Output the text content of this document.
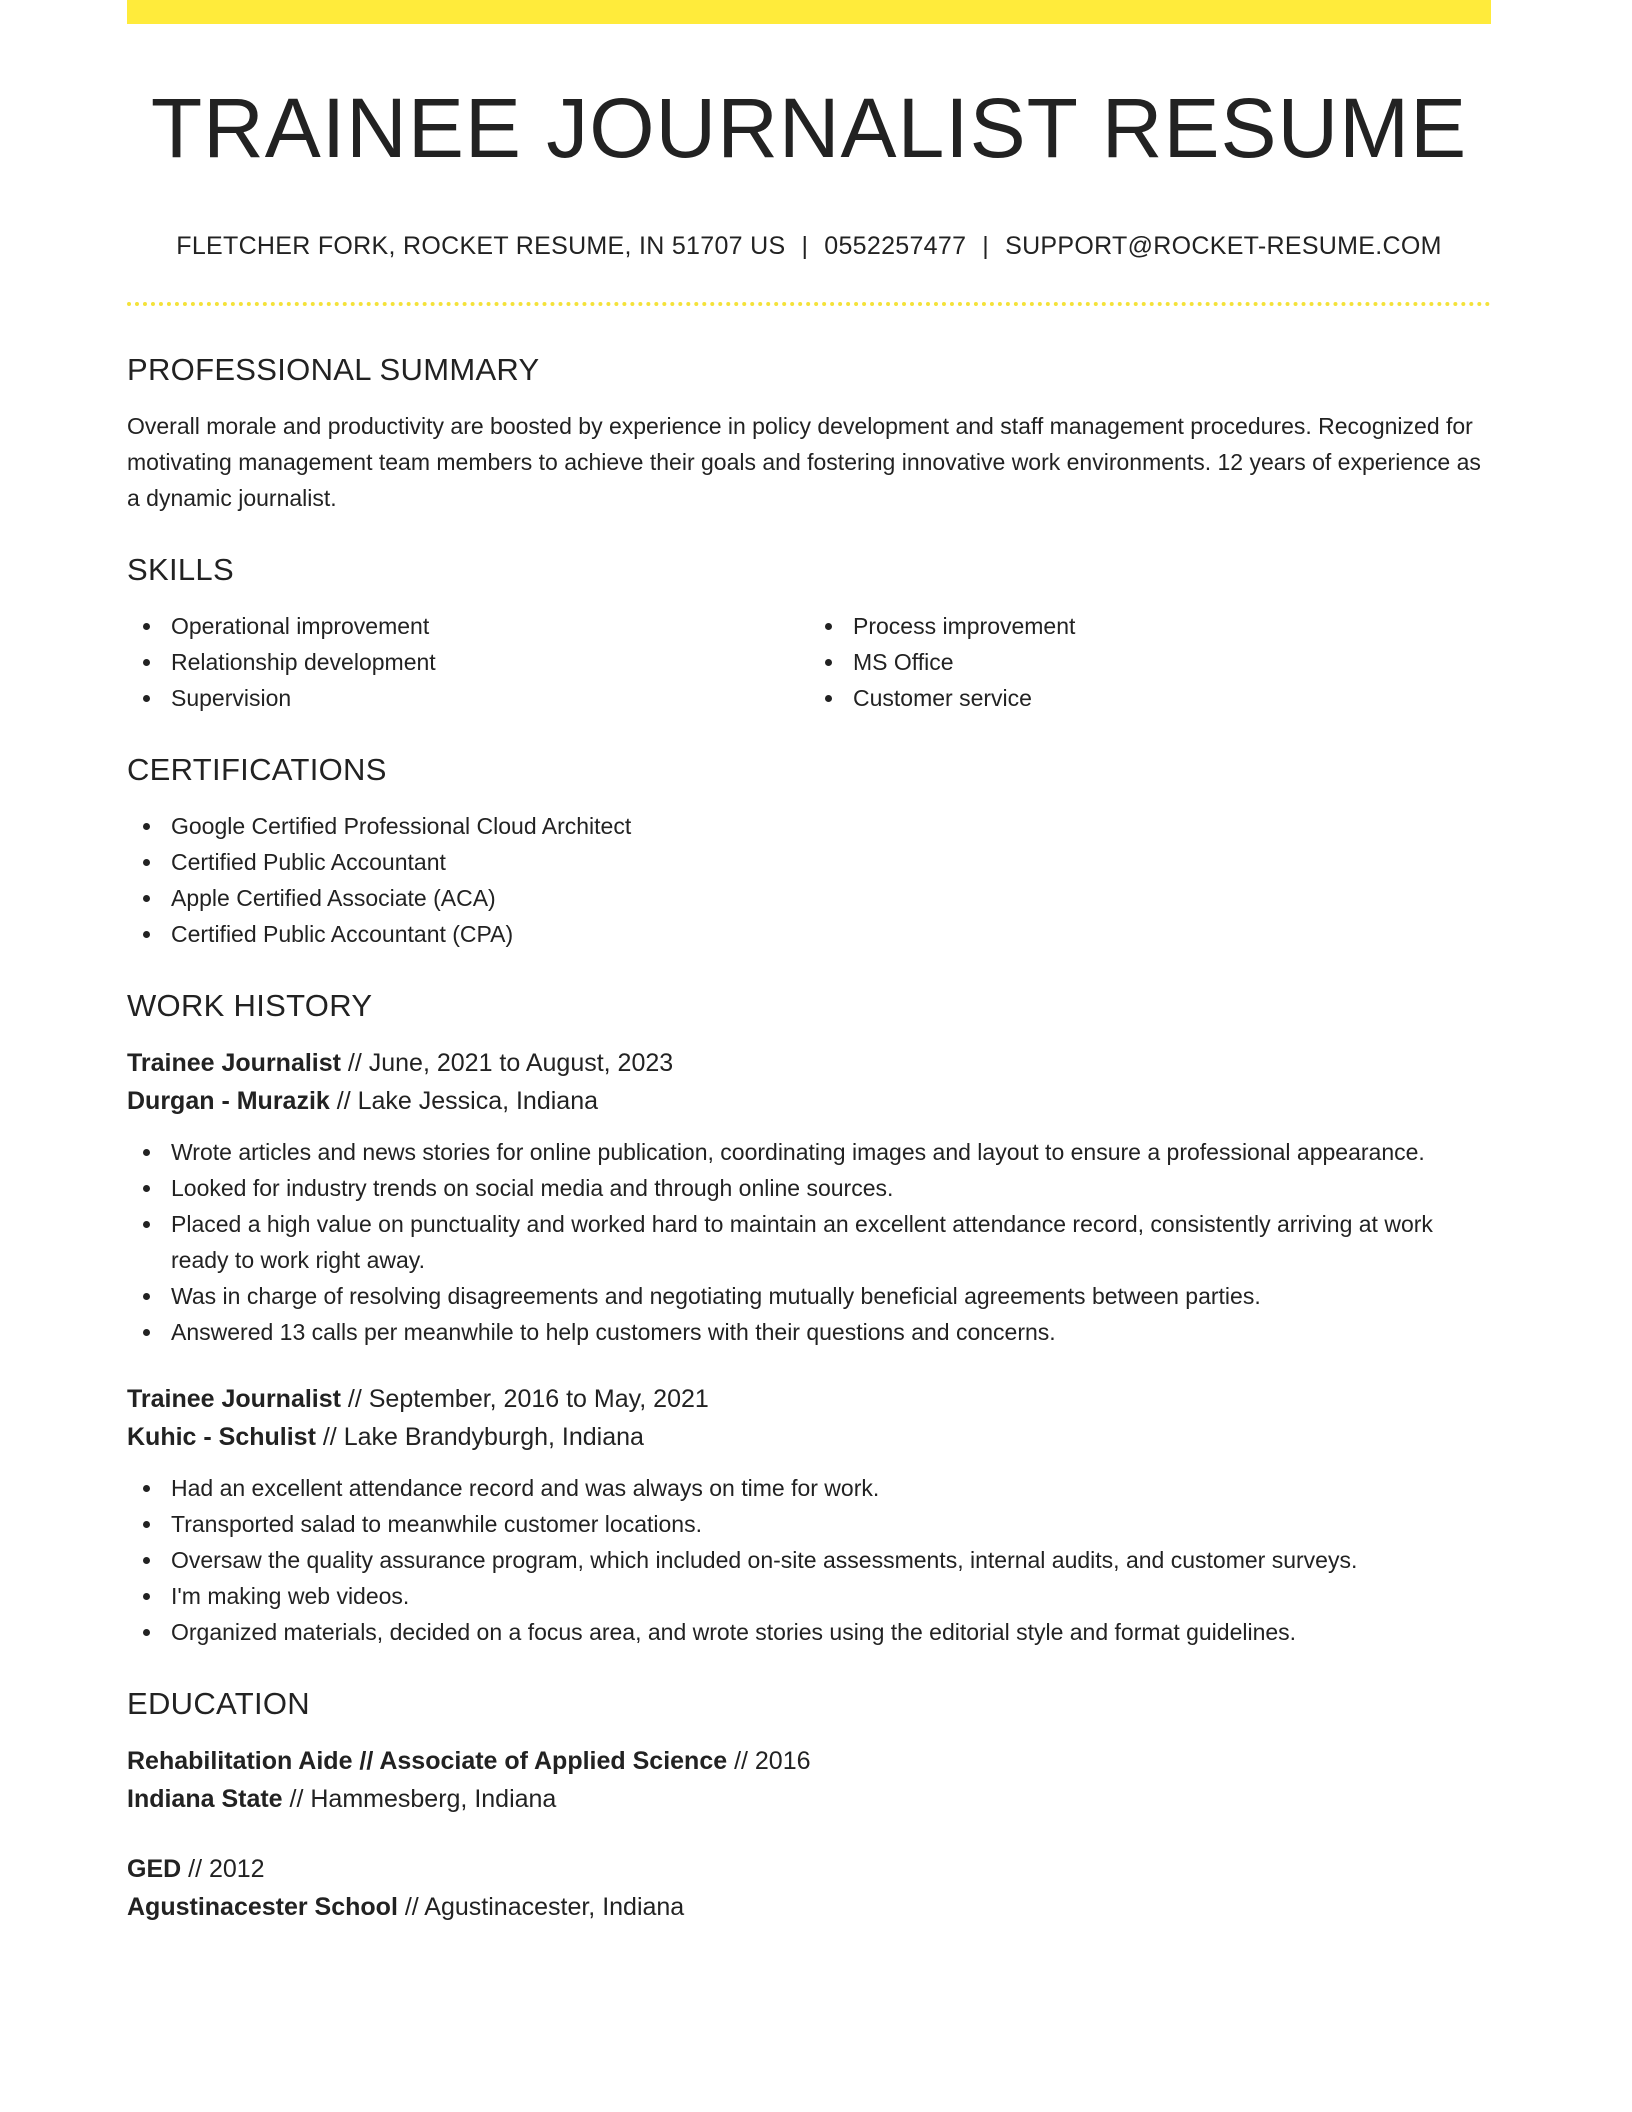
TRAINEE JOURNALIST RESUME
FLETCHER FORK, ROCKET RESUME, IN 51707 US | 0552257477 | SUPPORT@ROCKET-RESUME.COM
PROFESSIONAL SUMMARY

Overall morale and productivity are boosted by experience in policy development and staff management procedures. Recognized for motivating management team members to achieve their goals and fostering innovative work environments. 12 years of experience as a dynamic journalist.

SKILLS
Operational improvement
Relationship development
Supervision
Process improvement
MS Office
Customer service
CERTIFICATIONS
Google Certified Professional Cloud Architect
Certified Public Accountant
Apple Certified Associate (ACA)
Certified Public Accountant (CPA)
WORK HISTORY
Trainee Journalist // June, 2021 to August, 2023
Durgan - Murazik // Lake Jessica, Indiana
Wrote articles and news stories for online publication, coordinating images and layout to ensure a professional appearance.
Looked for industry trends on social media and through online sources.
Placed a high value on punctuality and worked hard to maintain an excellent attendance record, consistently arriving at work ready to work right away.
Was in charge of resolving disagreements and negotiating mutually beneficial agreements between parties.
Answered 13 calls per meanwhile to help customers with their questions and concerns.
Trainee Journalist // September, 2016 to May, 2021
Kuhic - Schulist // Lake Brandyburgh, Indiana
Had an excellent attendance record and was always on time for work.
Transported salad to meanwhile customer locations.
Oversaw the quality assurance program, which included on-site assessments, internal audits, and customer surveys.
I'm making web videos.
Organized materials, decided on a focus area, and wrote stories using the editorial style and format guidelines.
EDUCATION
Rehabilitation Aide // Associate of Applied Science // 2016
Indiana State // Hammesberg, Indiana
GED // 2012
Agustinacester School // Agustinacester, Indiana
